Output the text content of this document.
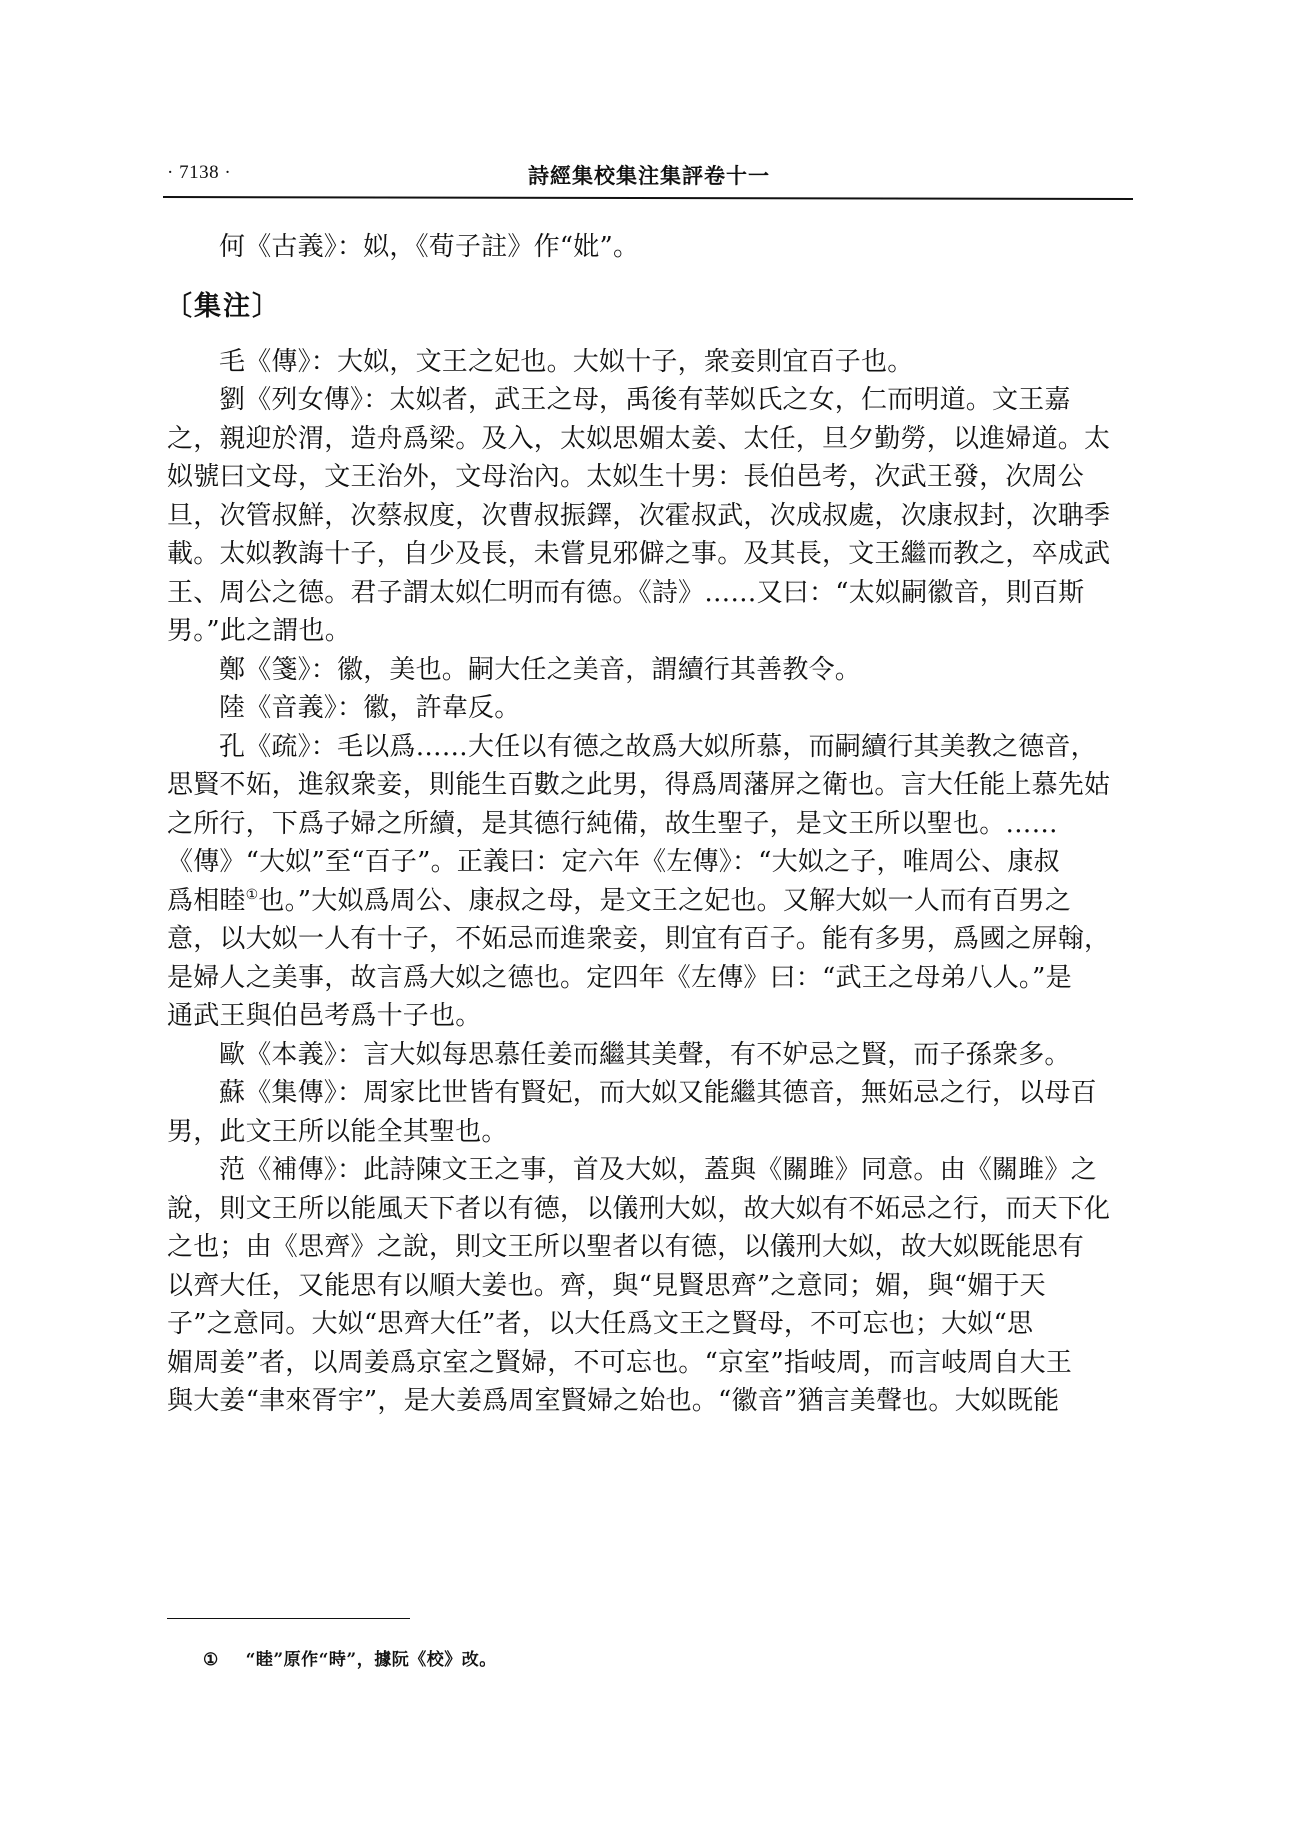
· 7138 ·	詩經集校集注集評卷十一
何《古義》：姒，《荀子註》作“妣”。
〔集注〕
毛《傳》：大姒，文王之妃也。大姒十子，衆妾則宜百子也。
劉《列女傳》：太姒者，武王之母，禹後有莘姒氏之女，仁而明道。文王嘉
之，親迎於渭，造舟爲梁。及入，太姒思媚太姜、太任，旦夕勤勞，以進婦道。太
姒號曰文母，文王治外，文母治內。太姒生十男：長伯邑考，次武王發，次周公
旦，次管叔鮮，次蔡叔度，次曹叔振鐸，次霍叔武，次成叔處，次康叔封，次聃季
載。太姒教誨十子，自少及長，未嘗見邪僻之事。及其長，文王繼而教之，卒成武
王、周公之德。君子謂太姒仁明而有德。《詩》……又曰：“太姒嗣徽音，則百斯
男。”此之謂也。
鄭《箋》：徽，美也。嗣大任之美音，謂續行其善教令。
陸《音義》：徽，許韋反。
孔《疏》：毛以爲……大任以有德之故爲大姒所慕，而嗣續行其美教之德音，
思賢不妬，進叙衆妾，則能生百數之此男，得爲周藩屏之衛也。言大任能上慕先姑
之所行，下爲子婦之所續，是其德行純備，故生聖子，是文王所以聖也。……
《傳》“大姒”至“百子”。正義曰：定六年《左傳》：“大姒之子，唯周公、康叔
爲相睦①也。”大姒爲周公、康叔之母，是文王之妃也。又解大姒一人而有百男之
意，以大姒一人有十子，不妬忌而進衆妾，則宜有百子。能有多男，爲國之屏翰，
是婦人之美事，故言爲大姒之德也。定四年《左傳》曰：“武王之母弟八人。”是
通武王與伯邑考爲十子也。
歐《本義》：言大姒每思慕任姜而繼其美聲，有不妒忌之賢，而子孫衆多。
蘇《集傳》：周家比世皆有賢妃，而大姒又能繼其德音，無妬忌之行，以母百
男，此文王所以能全其聖也。
范《補傳》：此詩陳文王之事，首及大姒，蓋與《關雎》同意。由《關雎》之
說，則文王所以能風天下者以有德，以儀刑大姒，故大姒有不妬忌之行，而天下化
之也；由《思齊》之說，則文王所以聖者以有德，以儀刑大姒，故大姒既能思有
以齊大任，又能思有以順大姜也。齊，與“見賢思齊”之意同；媚，與“媚于天
子”之意同。大姒“思齊大任”者，以大任爲文王之賢母，不可忘也；大姒“思
媚周姜”者，以周姜爲京室之賢婦，不可忘也。“京室”指岐周，而言岐周自大王
與大姜“聿來胥宇”，是大姜爲周室賢婦之始也。“徽音”猶言美聲也。大姒既能
① “睦”原作“時”，據阮《校》改。
